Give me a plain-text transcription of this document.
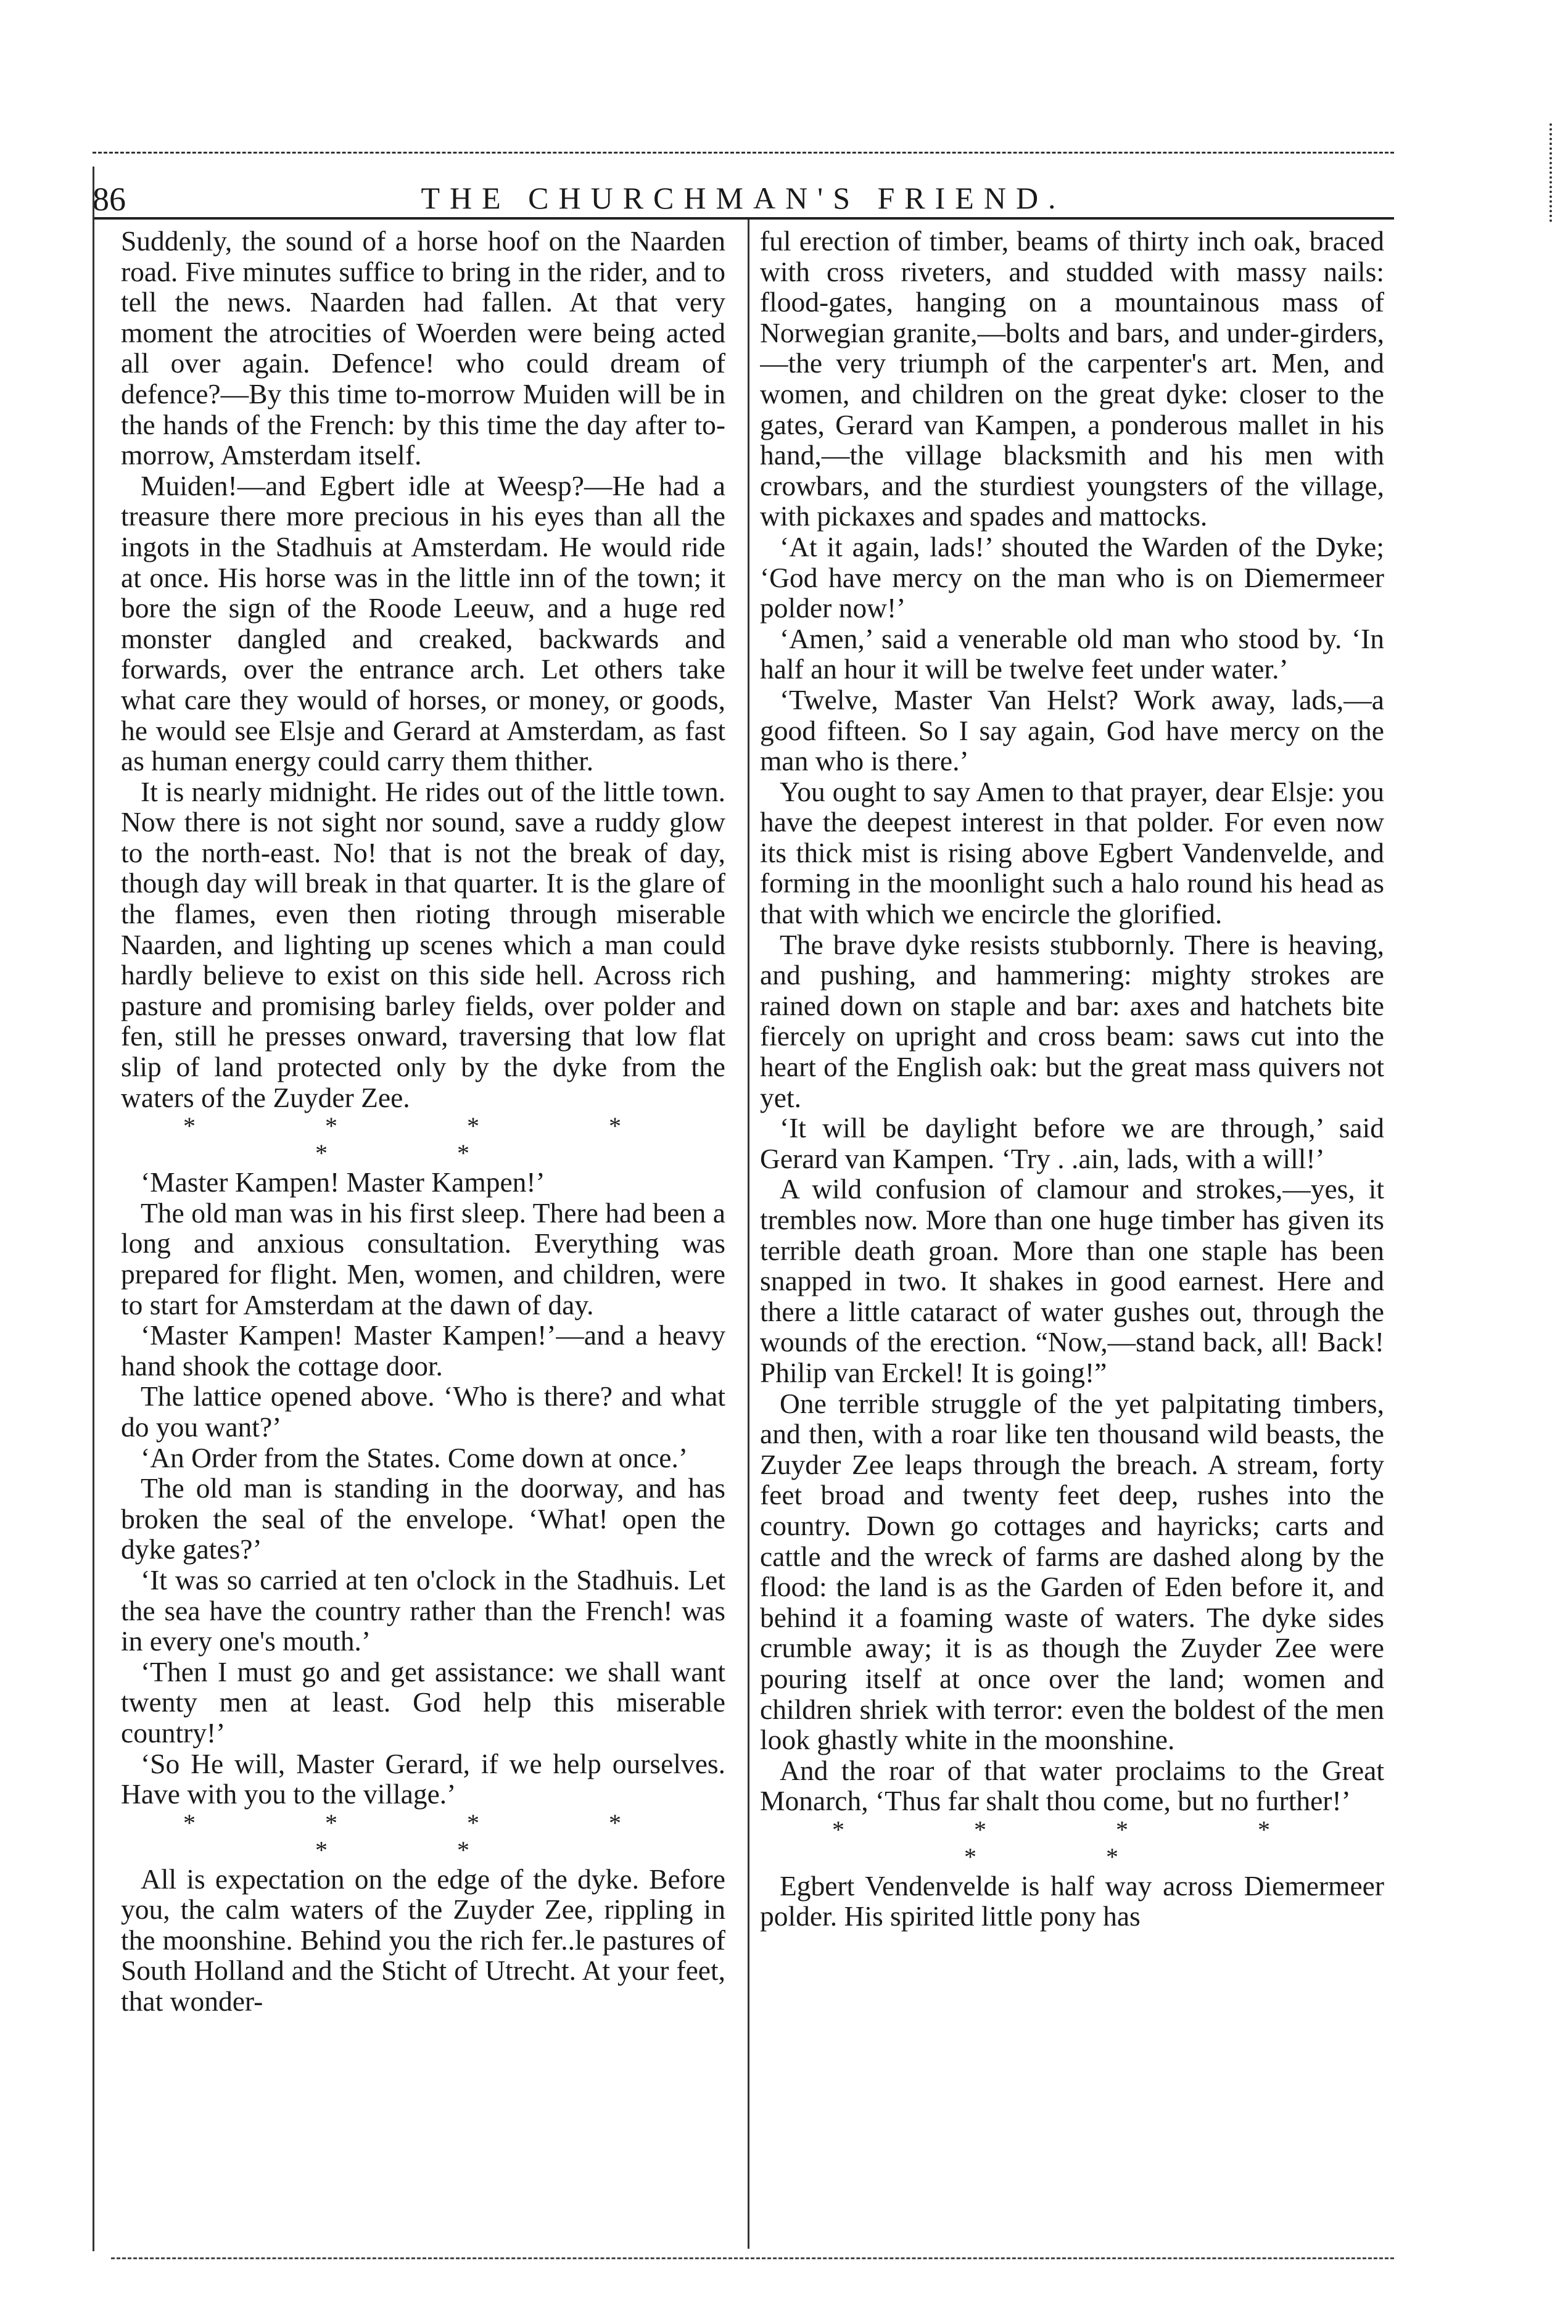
86	THE CHURCHMAN'S FRIEND.

Suddenly, the sound of a horse hoof on the Naarden road. Five minutes suffice to bring in the rider, and to tell the news. Naarden had fallen. At that very moment the atrocities of Woerden were being acted all over again. Defence! who could dream of defence?—By this time to-morrow Muiden will be in the hands of the French: by this time the day after to-morrow, Amsterdam itself.

Muiden!—and Egbert idle at Weesp?—He had a treasure there more precious in his eyes than all the ingots in the Stadhuis at Amsterdam. He would ride at once. His horse was in the little inn of the town; it bore the sign of the Roode Leeuw, and a huge red monster dangled and creaked, backwards and forwards, over the entrance arch. Let others take what care they would of horses, or money, or goods, he would see Elsje and Gerard at Amsterdam, as fast as human energy could carry them thither.

It is nearly midnight. He rides out of the little town. Now there is not sight nor sound, save a ruddy glow to the north-east. No! that is not the break of day, though day will break in that quarter. It is the glare of the flames, even then rioting through miserable Naarden, and lighting up scenes which a man could hardly believe to exist on this side hell. Across rich pasture and promising barley fields, over polder and fen, still he presses onward, traversing that low flat slip of land protected only by the dyke from the waters of the Zuyder Zee.

* * * * * *

‘Master Kampen! Master Kampen!’

The old man was in his first sleep. There had been a long and anxious consultation. Everything was prepared for flight. Men, women, and children, were to start for Amsterdam at the dawn of day.

‘Master Kampen! Master Kampen!’—and a heavy hand shook the cottage door.

The lattice opened above. ‘Who is there? and what do you want?’

‘An Order from the States. Come down at once.’

The old man is standing in the doorway, and has broken the seal of the envelope. ‘What! open the dyke gates?’

‘It was so carried at ten o'clock in the Stadhuis. Let the sea have the country rather than the French! was in every one's mouth.’

‘Then I must go and get assistance: we shall want twenty men at least. God help this miserable country!’

‘So He will, Master Gerard, if we help ourselves. Have with you to the village.’

* * * * * *

All is expectation on the edge of the dyke. Before you, the calm waters of the Zuyder Zee, rippling in the moonshine. Behind you the rich fer..le pastures of South Holland and the Sticht of Utrecht. At your feet, that wonder-

ful erection of timber, beams of thirty inch oak, braced with cross riveters, and studded with massy nails: flood-gates, hanging on a mountainous mass of Norwegian granite,—bolts and bars, and under-girders,—the very triumph of the carpenter's art. Men, and women, and children on the great dyke: closer to the gates, Gerard van Kampen, a ponderous mallet in his hand,—the village blacksmith and his men with crowbars, and the sturdiest youngsters of the village, with pickaxes and spades and mattocks.

‘At it again, lads!’ shouted the Warden of the Dyke; ‘God have mercy on the man who is on Diemermeer polder now!’

‘Amen,’ said a venerable old man who stood by. ‘In half an hour it will be twelve feet under water.’

‘Twelve, Master Van Helst? Work away, lads,—a good fifteen. So I say again, God have mercy on the man who is there.’

You ought to say Amen to that prayer, dear Elsje: you have the deepest interest in that polder. For even now its thick mist is rising above Egbert Vandenvelde, and forming in the moonlight such a halo round his head as that with which we encircle the glorified.

The brave dyke resists stubbornly. There is heaving, and pushing, and hammering: mighty strokes are rained down on staple and bar: axes and hatchets bite fiercely on upright and cross beam: saws cut into the heart of the English oak: but the great mass quivers not yet.

‘It will be daylight before we are through,’ said Gerard van Kampen. ‘Try . .ain, lads, with a will!’

A wild confusion of clamour and strokes,—yes, it trembles now. More than one huge timber has given its terrible death groan. More than one staple has been snapped in two. It shakes in good earnest. Here and there a little cataract of water gushes out, through the wounds of the erection. “Now,—stand back, all! Back! Philip van Erckel! It is going!”

One terrible struggle of the yet palpitating timbers, and then, with a roar like ten thousand wild beasts, the Zuyder Zee leaps through the breach. A stream, forty feet broad and twenty feet deep, rushes into the country. Down go cottages and hayricks; carts and cattle and the wreck of farms are dashed along by the flood: the land is as the Garden of Eden before it, and behind it a foaming waste of waters. The dyke sides crumble away; it is as though the Zuyder Zee were pouring itself at once over the land; women and children shriek with terror: even the boldest of the men look ghastly white in the moonshine.

And the roar of that water proclaims to the Great Monarch, ‘Thus far shalt thou come, but no further!’

* * * * * *

Egbert Vendenvelde is half way across Diemermeer polder. His spirited little pony has
